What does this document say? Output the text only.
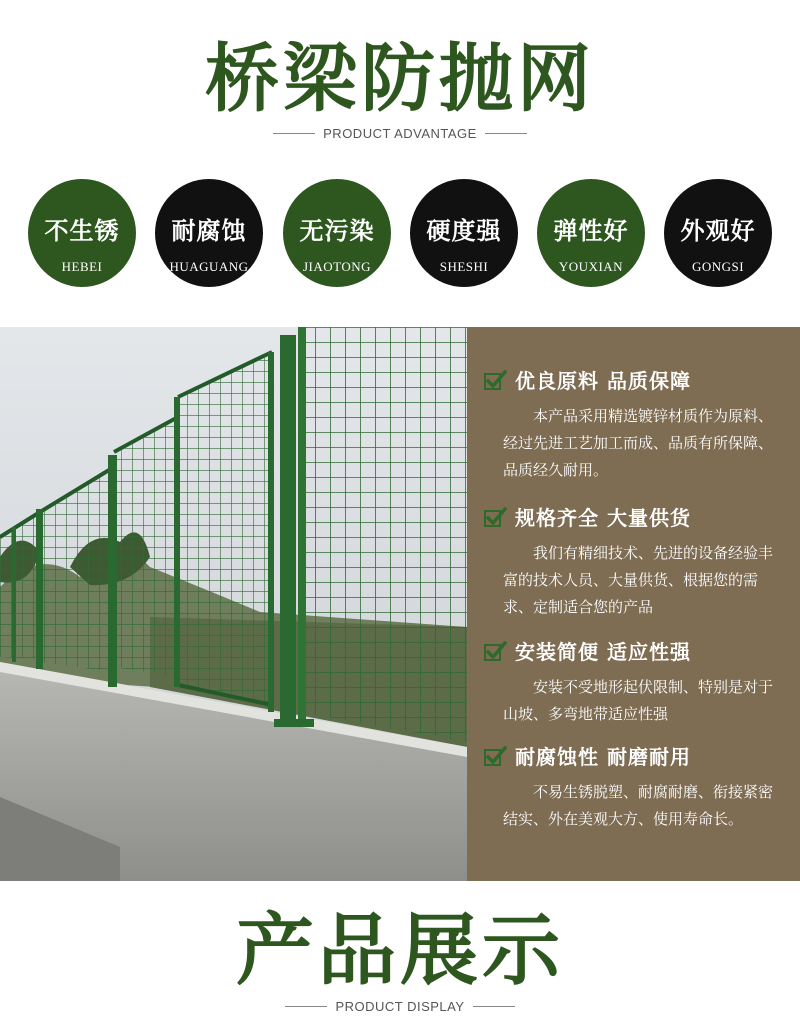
桥梁防抛网
PRODUCT ADVANTAGE
不生锈
HEBEI
耐腐蚀
HUAGUANG
无污染
JIAOTONG
硬度强
SHESHI
弹性好
YOUXIAN
外观好
GONGSI
优良原料 品质保障
本产品采用精选镀锌材质作为原料、经过先进工艺加工而成、品质有所保障、品质经久耐用。
规格齐全 大量供货
我们有精细技术、先进的设备经验丰富的技术人员、大量供货、根据您的需求、定制适合您的产品
安装简便 适应性强
安装不受地形起伏限制、特别是对于山坡、多弯地带适应性强
耐腐蚀性 耐磨耐用
不易生锈脱塑、耐腐耐磨、衔接紧密结实、外在美观大方、使用寿命长。
产品展示
PRODUCT DISPLAY
